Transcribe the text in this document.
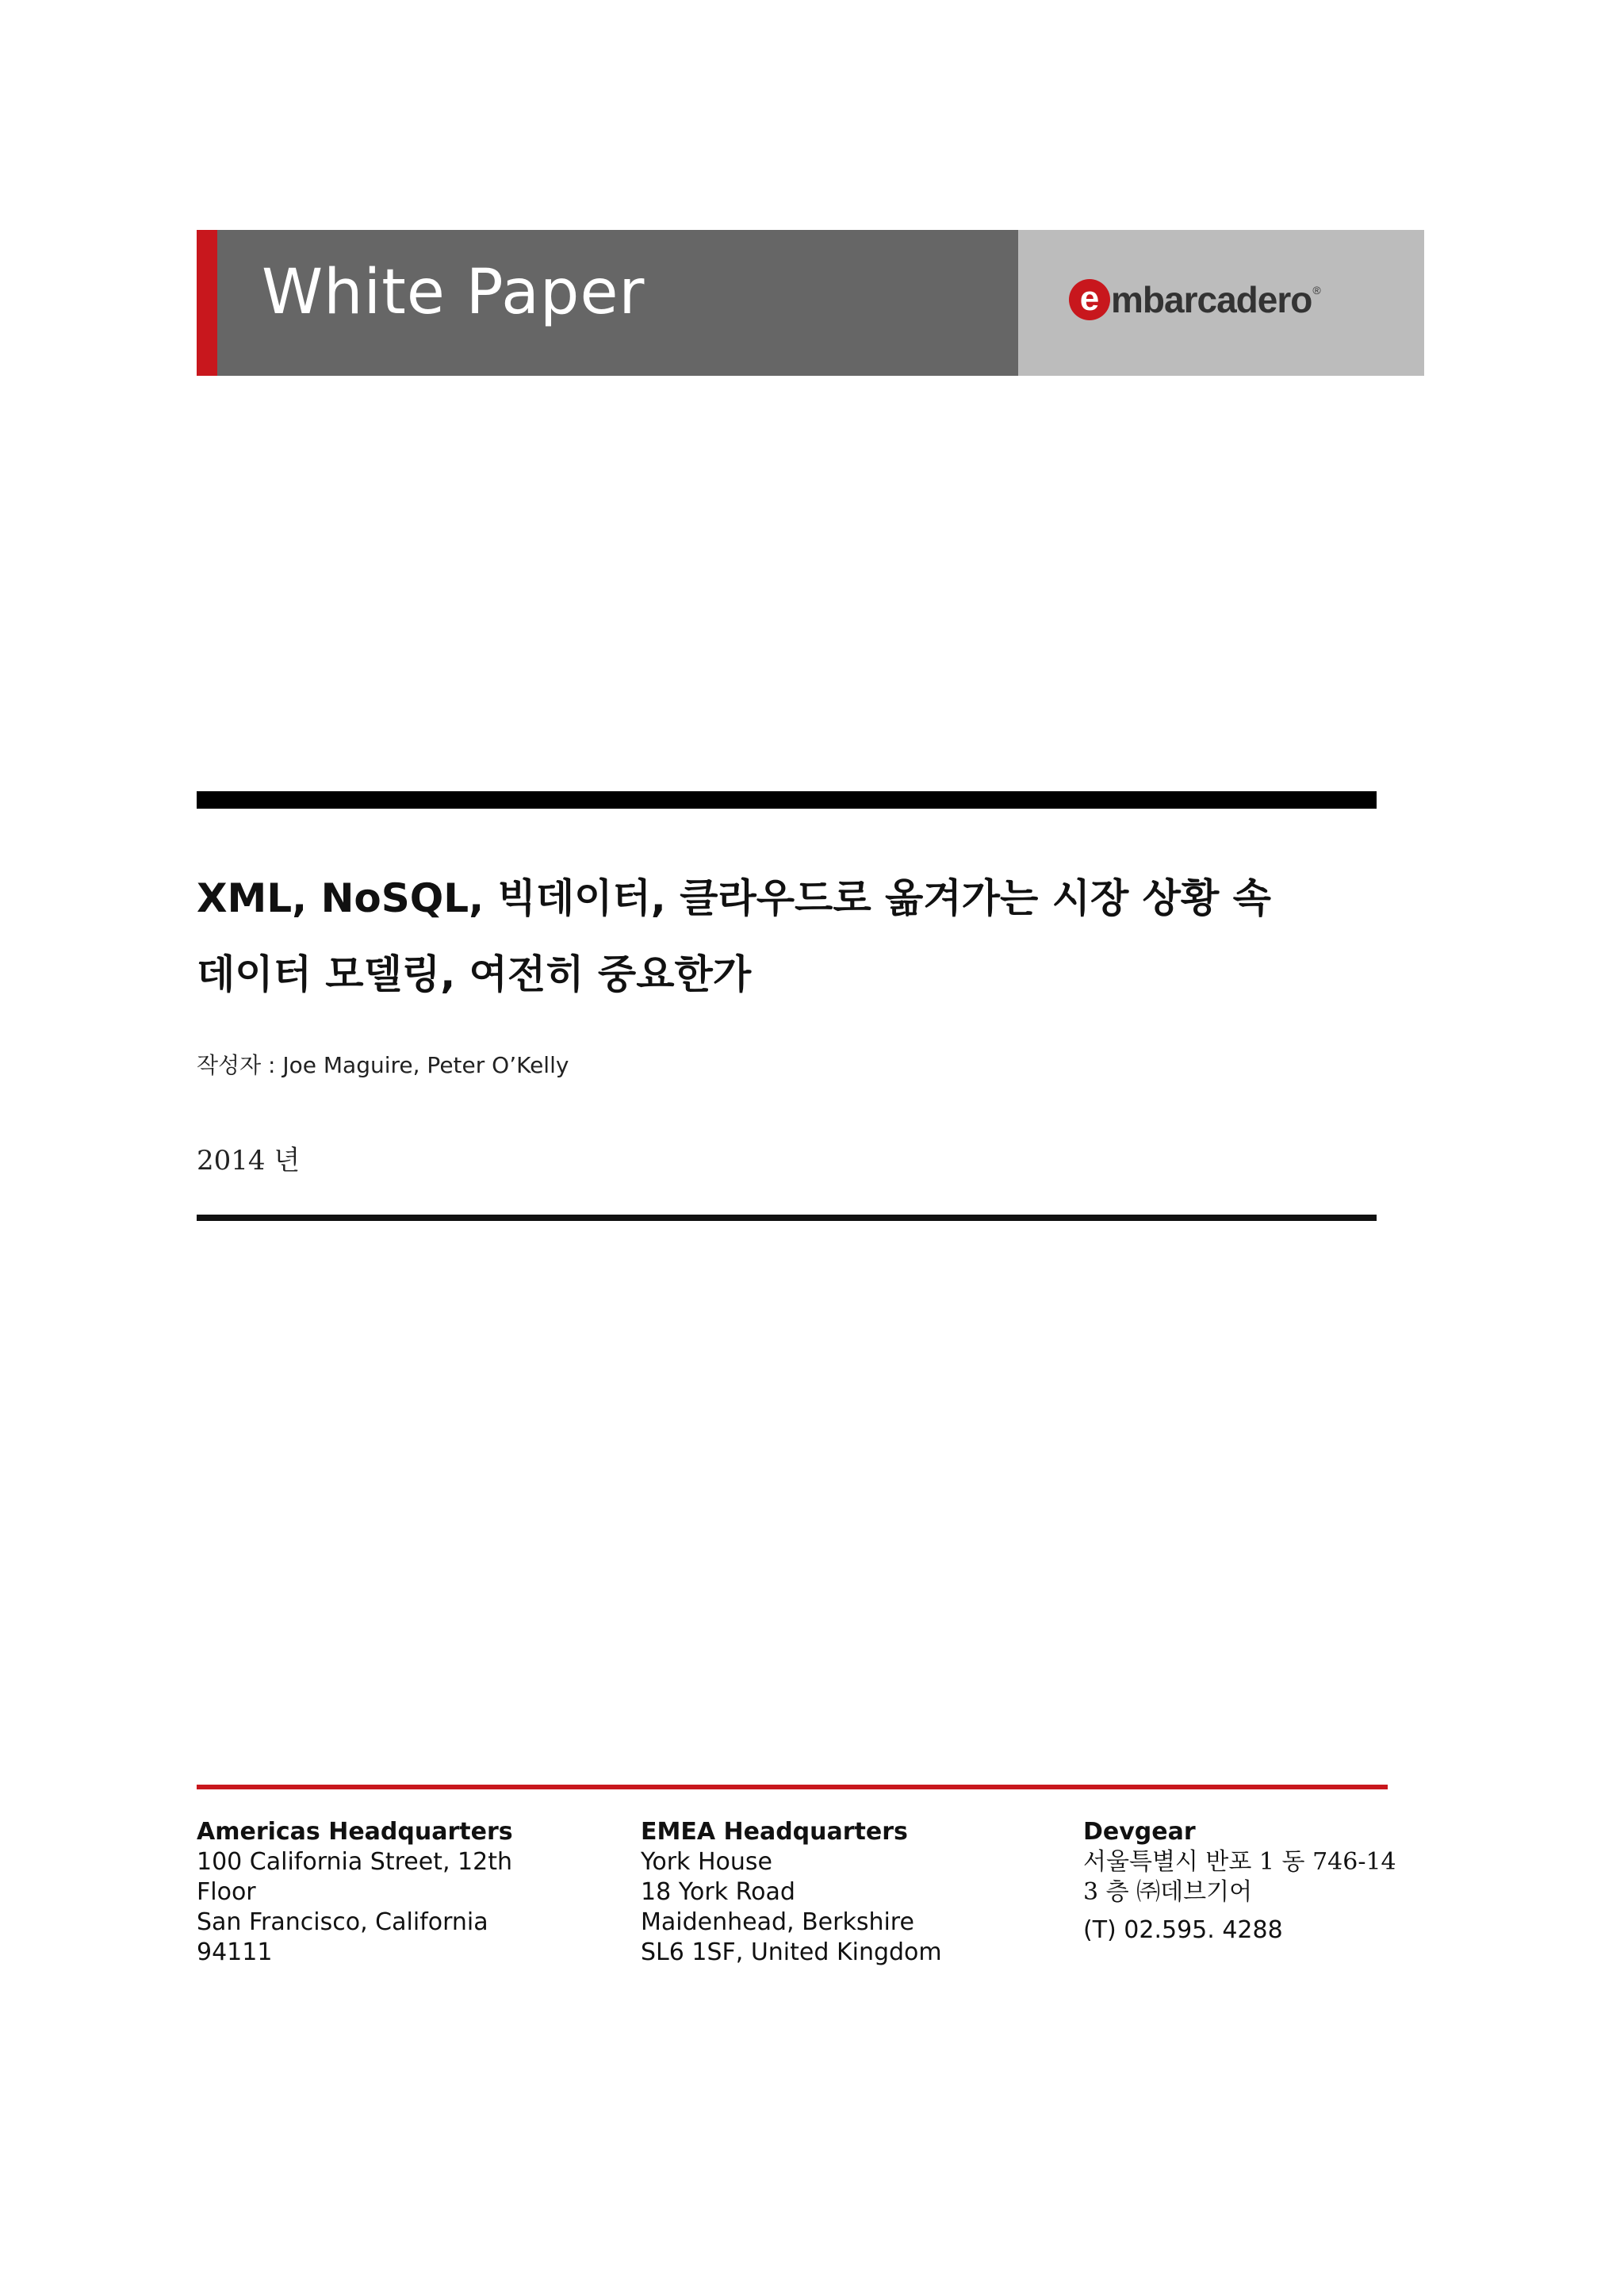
White Paper	e mbarcadero ®
XML, NoSQL, 빅데이터, 클라우드로 옮겨가는 시장 상황 속
데이터 모델링, 여전히 중요한가
작성자 : Joe Maguire, Peter O’Kelly
2014 년
Americas Headquarters
100 California Street, 12th
Floor
San Francisco, California
94111
EMEA Headquarters
York House
18 York Road
Maidenhead, Berkshire
SL6 1SF, United Kingdom
Devgear
서울특별시 반포 1 동 746-14
3 층 ㈜데브기어
(T) 02.595. 4288
